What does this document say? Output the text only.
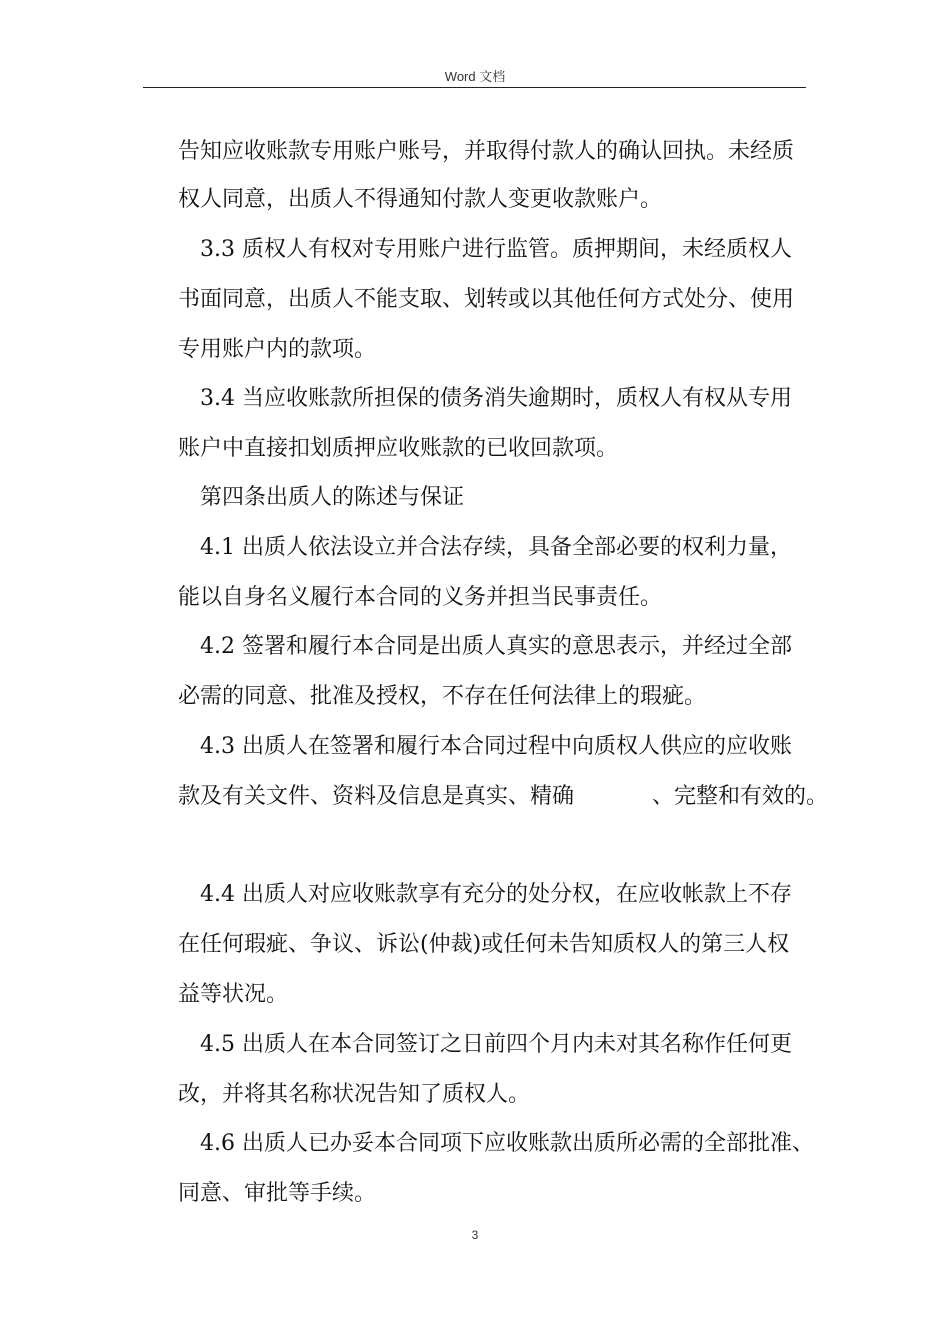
Word 文档
告知应收账款专用账户账号，并取得付款人的确认回执。未经质
权人同意，出质人不得通知付款人变更收款账户。
3.3 质权人有权对专用账户进行监管。质押期间，未经质权人
书面同意，出质人不能支取、划转或以其他任何方式处分、使用
专用账户内的款项。
3.4 当应收账款所担保的债务消失逾期时，质权人有权从专用
账户中直接扣划质押应收账款的已收回款项。
第四条出质人的陈述与保证
4.1 出质人依法设立并合法存续，具备全部必要的权利力量，
能以自身名义履行本合同的义务并担当民事责任。
4.2 签署和履行本合同是出质人真实的意思表示，并经过全部
必需的同意、批准及授权，不存在任何法律上的瑕疵。
4.3 出质人在签署和履行本合同过程中向质权人供应的应收账
款及有关文件、资料及信息是真实、精确	、完整和有效的。
4.4 出质人对应收账款享有充分的处分权，在应收帐款上不存
在任何瑕疵、争议、诉讼(仲裁)或任何未告知质权人的第三人权
益等状况。
4.5 出质人在本合同签订之日前四个月内未对其名称作任何更
改，并将其名称状况告知了质权人。
4.6 出质人已办妥本合同项下应收账款出质所必需的全部批准、
同意、审批等手续。
3
